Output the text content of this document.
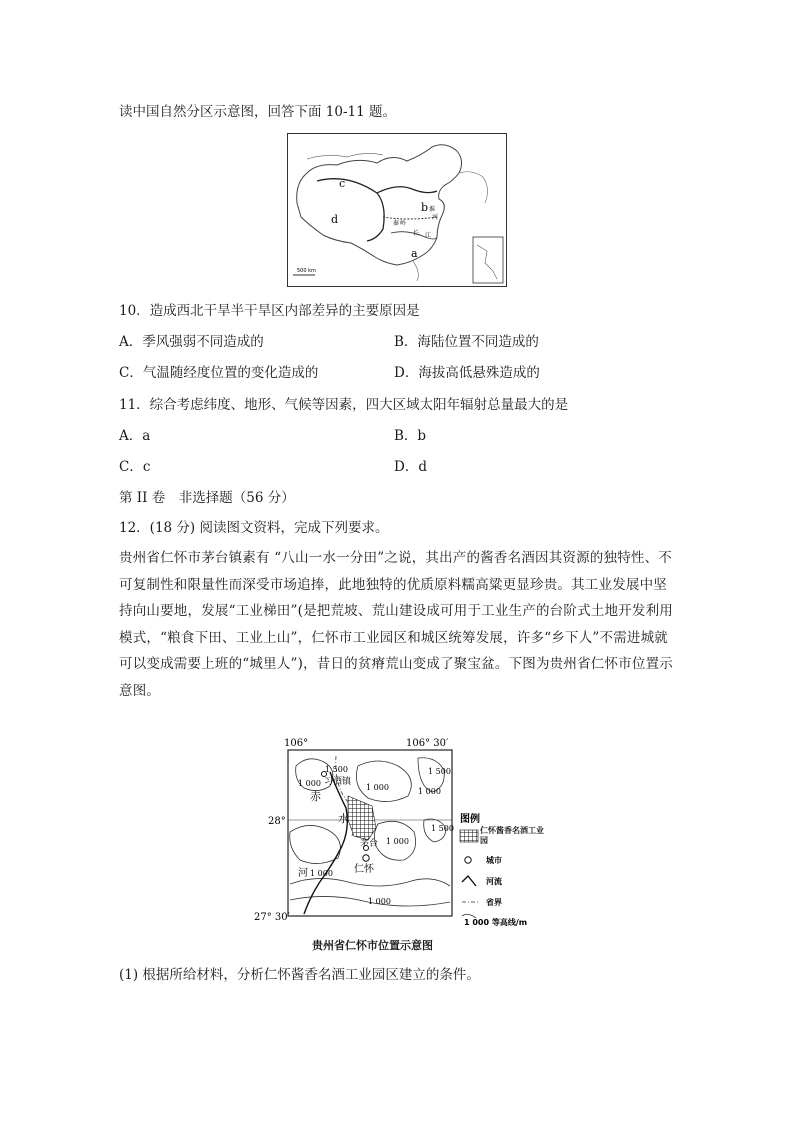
读中国自然分区示意图，回答下面 10-11 题。
c
d
b
a
秦 岭
淮
河
长 江
500 km
10．造成西北干旱半干旱区内部差异的主要原因是
A．季风强弱不同造成的	B．海陆位置不同造成的
C．气温随经度位置的变化造成的	D．海拔高低悬殊造成的
11．综合考虑纬度、地形、气候等因素，四大区域太阳年辐射总量最大的是
A．a	B．b
C．c	D．d
第 II 卷　非选择题（56 分）
12．(18 分) 阅读图文资料，完成下列要求。
贵州省仁怀市茅台镇素有 “八山一水一分田”之说，其出产的酱香名酒因其资源的独特性、不可复制性和限量性而深受市场追捧，此地独特的优质原料糯高粱更显珍贵。其工业发展中坚持向山要地，发展“工业梯田”(是把荒坡、荒山建设成可用于工业生产的台阶式土地开发利用模式，“粮食下田、工业上山”，仁怀市工业园区和城区统筹发展，许多“乡下人”不需进城就可以变成需要上班的“城里人”)，昔日的贫瘠荒山变成了聚宝盆。下图为贵州省仁怀市位置示意图。
106°	106° 30′
28°
27° 30′
1 500
1 000	1 000	1 000
1 500
1 500
1 000
1 000
1 000
习酒镇
赤
水
茅台
仁怀
河
图例
仁怀酱香名酒工业园
城市
河流
省界
1 000 等高线/m
贵州省仁怀市位置示意图
(1) 根据所给材料，分析仁怀酱香名酒工业园区建立的条件。
